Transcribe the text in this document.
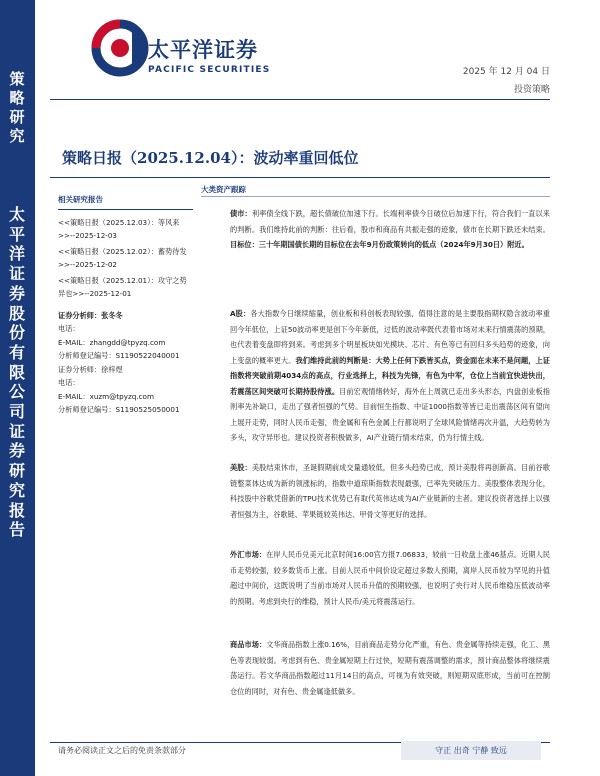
策略研究
太平洋证券股份有限公司证券研究报告
太平洋证券
PACIFIC SECURITIES	2025 年 12 月 04 日
投资策略
策略日报（2025.12.04）：波动率重回低位
大类资产跟踪
相关研究报告
<<策略日报（2025.12.03）：等风来>>--2025-12-03
<<策略日报（2025.12.02）：蓄势待发>>--2025-12-02
<<策略日报（2025.12.01）：攻守之势异也>>--2025-12-01
证券分析师：张冬冬
电话：
E-MAIL：zhangdd@tpyzq.com
分析师登记编号：S1190522040001
证券分析师：徐梓煜
电话：
E-MAIL：xuzm@tpyzq.com
分析师登记编号：S1190525050001

债市：利率债全线下跌，超长债破位加速下行。长端利率债今日破位后加速下行，符合我们一直以来的判断。我们维持此前的判断：往后看，股市和商品有共振走强的迹象，债市在长期下跌还未结束。目标位：三十年期国债长期的目标位在去年9月份政策转向的低点（2024年9月30日）附近。

A股：各大指数今日继续缩量，创业板和科创板表现较强，值得注意的是主要股指期权隐含波动率重回今年低位，上证50波动率更是创下今年新低，过低的波动率既代表着市场对未来行情震荡的预期，也代表着变盘即将到来。考虑到多个明星板块如光模块、芯片、有色等已有回归多头趋势的迹象，向上变盘的概率更大。我们维持此前的判断是：大势上任何下跌皆买点，资金面在未来不是问题，上证指数将突破前期4034点的高点，行业选择上，科技为先锋，有色为中军，仓位上当前宜快进快出，若震荡区间突破可长期持股待涨。目前宏观情绪转好，海外在上周就已走出多头形态，内盘创业板指则率先补缺口，走出了强者恒强的气势。目前恒生指数、中证1000指数等皆已走出震荡区间有望向上展开走势，同时人民币走强，贵金属和有色金属上行都说明了全球风险情绪再次升温，大趋势转为多头，攻守异形也。建议投资者积极做多，AI产业链行情未结束，仍为行情主线。

美股：美股结束休市，圣诞假期前成交量通较低，但多头趋势已成，预计美股将再创新高。目前谷歌链整菜体达成为新的领涨标的，指数中道琼斯指数表现最强，已率先突破压力。美股整体表现分化，科技股中谷歌凭借新的TPU技术优势已有取代英伟达成为AI产业链新的主者。建议投资者选择上以强者恒强为主，谷歌链、苹果链较英伟达、甲骨文等更好的选择。

外汇市场：在岸人民币兑美元北京时间16:00官方报7.06833，较前一日收盘上涨46基点。近期人民币走势较强，较多数货币上涨。目前人民币中间价设定超过多数人预期，离岸人民币较为罕见的升值超过中间价，这既说明了当前市场对人民币升值的预期较强，也说明了央行对人民币维稳压低波动率的预期。考虑到央行的维稳，预计人民币/美元将震荡运行。

商品市场：文华商品指数上涨0.16%，目前商品走势分化严重，有色、贵金属等持续走强，化工、黑色等表现较弱。考虑到有色、贵金属短期上行过快，短期有震荡调整的需求，预计商品整体将继续震荡运行。若文华商品指数超过11月14日的高点，可视为有效突破，则短期双底形成，当前可在控制仓位的同时，对有色、贵金属逢低做多。

请务必阅读正文之后的免责条款部分	守正 出奇 宁静 致远
